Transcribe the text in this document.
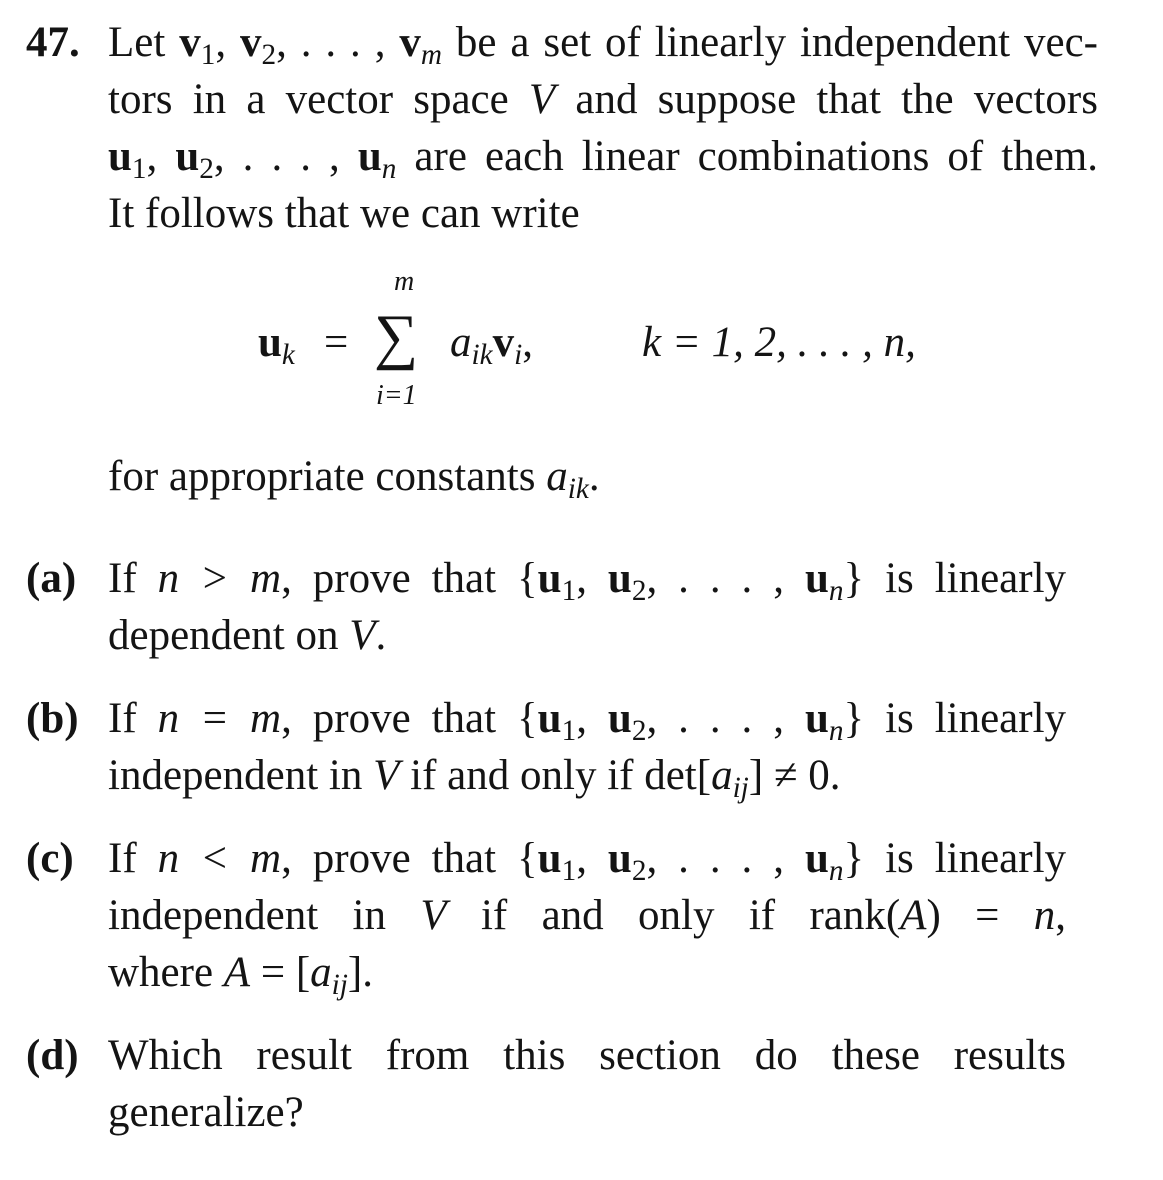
47. Let $v_1$, $v_2$, . . . , $v_m$ be a set of linearly independent vec-
tors in a vector space V and suppose that the vectors
$u_1$, $u_2$, . . . , $u_n$ are each linear combinations of them.
It follows that we can write
$u_k$ =
m
∑
i=1
$a_{ik}v_i$ ,	k = 1, 2, . . . , n,
for appropriate constants $a_{ik}$.
(a) If n > m, prove that {$u_1$, $u_2$, . . . , $u_n$} is linearly
dependent on V.
(b) If n = m, prove that {$u_1$, $u_2$, . . . , $u_n$} is linearly
independent in V if and only if $\det[a_{ij}] \ne 0$.
(c) If n < m, prove that {$u_1$, $u_2$, . . . , $u_n$} is linearly
independent in V if and only if rank(A) = n,
where $A = [a_{ij}]$.
(d) Which result from this section do these results
generalize?
